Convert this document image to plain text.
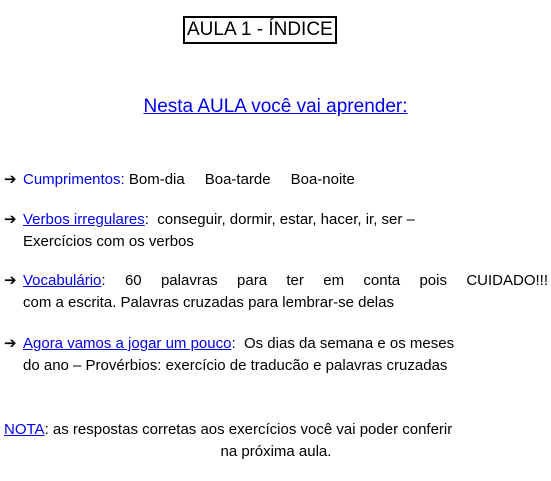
AULA 1 - ÍNDICE
Nesta AULA você vai aprender:
➔ Cumprimentos: Bom-dia Boa-tarde Boa-noite
➔ Verbos irregulares: conseguir, dormir, estar, hacer, ir, ser –
Exercícios com os verbos
➔ Vocabulário: 60 palavras para ter em conta pois CUIDADO!!!
com a escrita. Palavras cruzadas para lembrar-se delas
➔ Agora vamos a jogar um pouco: Os dias da semana e os meses
do ano – Provérbios: exercício de traducão e palavras cruzadas
NOTA: as respostas corretas aos exercícios você vai poder conferir
na próxima aula.
